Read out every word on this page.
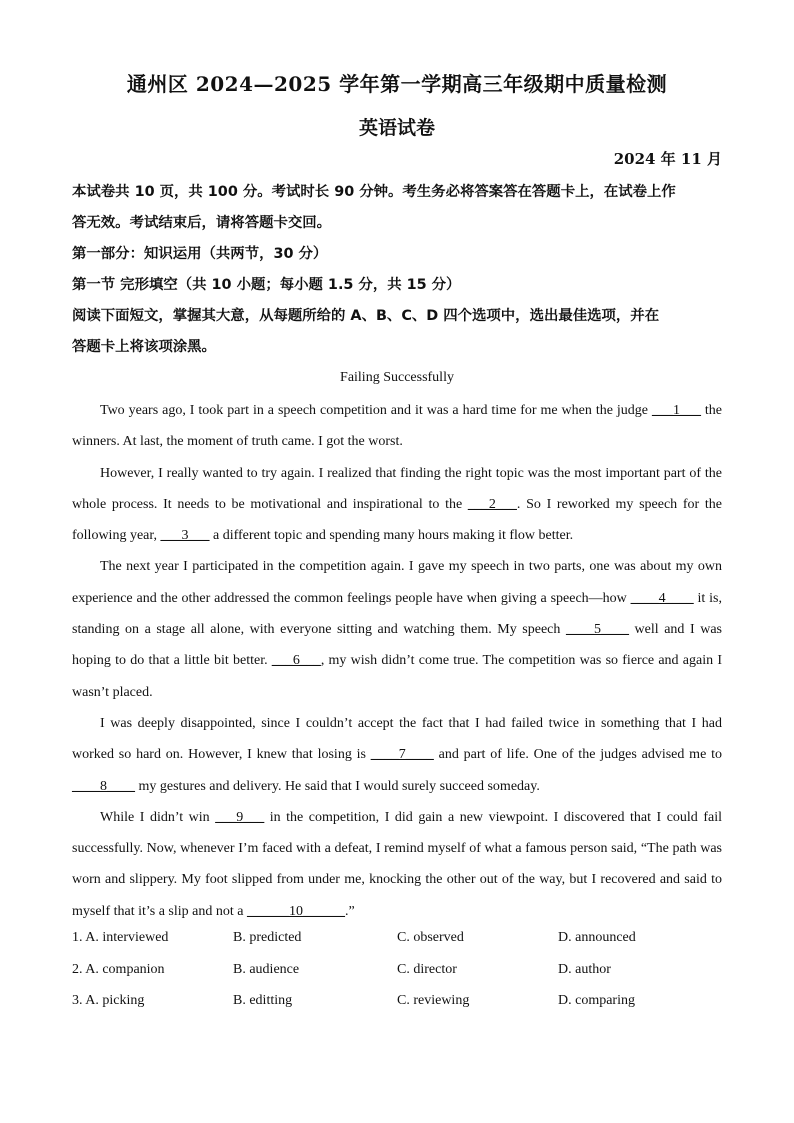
通州区 2024—2025 学年第一学期高三年级期中质量检测
英语试卷
2024 年 11 月
本试卷共 10 页，共 100 分。考试时长 90 分钟。考生务必将答案答在答题卡上，在试卷上作
答无效。考试结束后，请将答题卡交回。
第一部分：知识运用（共两节，30 分）
第一节 完形填空（共 10 小题；每小题 1.5 分，共 15 分）
阅读下面短文，掌握其大意，从每题所给的 A、B、C、D 四个选项中，选出最佳选项，并在
答题卡上将该项涂黑。
Failing Successfully

Two years ago, I took part in a speech competition and it was a hard time for me when the judge ___1___ the winners. At last, the moment of truth came. I got the worst.

However, I really wanted to try again. I realized that finding the right topic was the most important part of the whole process. It needs to be motivational and inspirational to the ___2___. So I reworked my speech for the following year, ___3___ a different topic and spending many hours making it flow better.

The next year I participated in the competition again. I gave my speech in two parts, one was about my own experience and the other addressed the common feelings people have when giving a speech—how ____4____ it is, standing on a stage all alone, with everyone sitting and watching them. My speech ____5____ well and I was hoping to do that a little bit better. ___6___, my wish didn’t come true. The competition was so fierce and again I wasn’t placed.

I was deeply disappointed, since I couldn’t accept the fact that I had failed twice in something that I had worked so hard on. However, I knew that losing is ____7____ and part of life. One of the judges advised me to ____8____ my gestures and delivery. He said that I would surely succeed someday.

While I didn’t win ___9___ in the competition, I did gain a new viewpoint. I discovered that I could fail successfully. Now, whenever I’m faced with a defeat, I remind myself of what a famous person said, “The path was worn and slippery. My foot slipped from under me, knocking the other out of the way, but I recovered and said to myself that it’s a slip and not a ______10______.”

1. A. interviewed	B. predicted	C. observed	D. announced
2. A. companion	B. audience	C. director	D. author
3. A. picking	B. editting	C. reviewing	D. comparing
